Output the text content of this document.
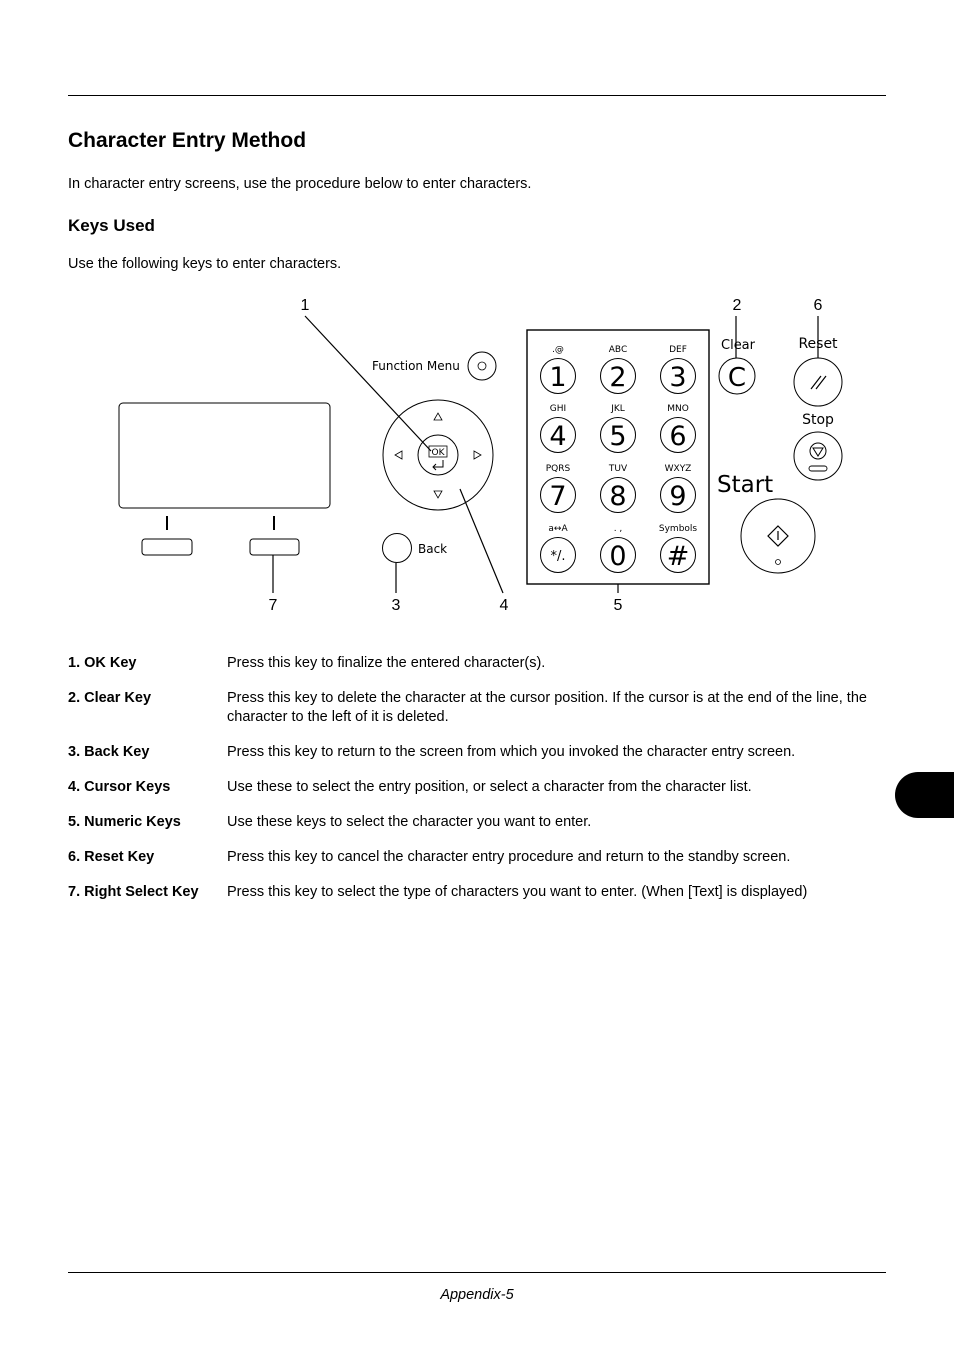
Character Entry Method

In character entry screens, use the procedure below to enter characters.

Keys Used

Use the following keys to enter characters.

Function Menu
OK
Back
.@
1
ABC
2
DEF
3
GHI
4
JKL
5
MNO
6
PQRS
7
TUV
8
WXYZ
9
a↔A
*/.
. ,
0
Symbols
#
Clear
C
Reset
Stop
Start
1	2	6
7	3	4	5
1. OK Key	Press this key to finalize the entered character(s).
2. Clear Key	Press this key to delete the character at the cursor position. If the cursor is at the end of the line, the character to the left of it is deleted.
3. Back Key	Press this key to return to the screen from which you invoked the character entry screen.
4. Cursor Keys	Use these to select the entry position, or select a character from the character list.
5. Numeric Keys	Use these keys to select the character you want to enter.
6. Reset Key	Press this key to cancel the character entry procedure and return to the standby screen.
7. Right Select Key	Press this key to select the type of characters you want to enter. (When [Text] is displayed)
Appendix-5
